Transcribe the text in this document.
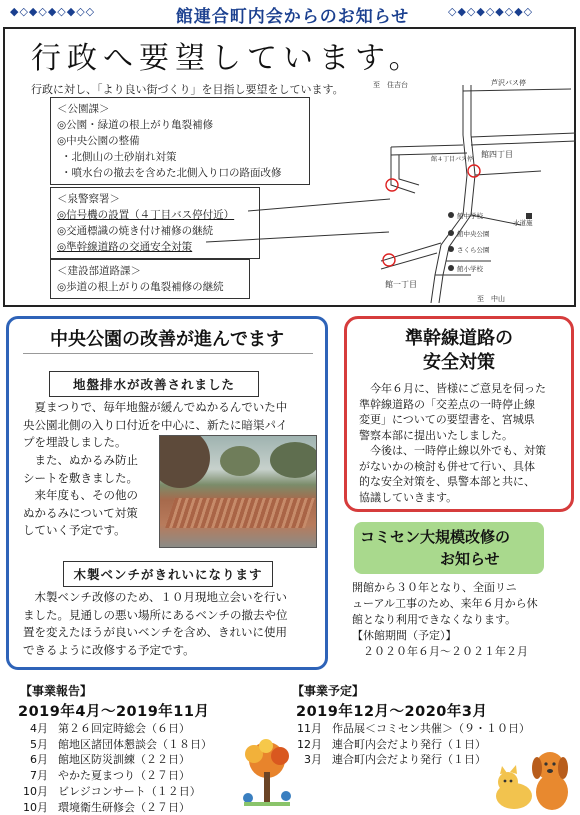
◆◇◆◇◆◇◆◇◇	館連合町内会からのお知らせ	◇◆◇◆◇◆◇◆◇
行政へ要望しています。
行政に対し、「より良い街づくり」を目指し要望をしています。
＜公園課＞
◎公園・緑道の根上がり亀裂補修
◎中央公園の整備
・北側山の土砂崩れ対策
・噴水台の撤去を含めた北側入り口の路面改修
＜泉警察署＞
◎信号機の設置（４丁目バス停付近）
◎交通標識の焼き付け補修の継続
◎準幹線道路の交通安全対策
＜建設部道路課＞
◎歩道の根上がりの亀裂補修の継続
至　住吉台	芦沢バス停
館四丁目
館４丁目バス停
館中学校
水道施
館中央公園
さくら公園
館小学校
館一丁目
至　中山
中央公園の改善が進んでます
地盤排水が改善されました
　夏まつりで、毎年地盤が緩んでぬかるんでいた中
央公園北側の入り口付近を中心に、新たに暗渠パイ
プを埋設しました。
　また、ぬかるみ防止
シートを敷きました。
　来年度も、その他の
ぬかるみについて対策
していく予定です。
木製ベンチがきれいになります
　木製ベンチ改修のため、１０月現地立会いを行い
ました。見通しの悪い場所にあるベンチの撤去や位
置を変えたほうが良いベンチを含め、きれいに使用
できるように改修する予定です。
準幹線道路の
安全対策
　今年６月に、皆様にご意見を伺った
準幹線道路の「交差点の一時停止線
変更」についての要望書を、宮城県
警察本部に提出いたしました。
　今後は、一時停止線以外でも、対策
がないかの検討も併せて行い、具体
的な安全対策を、県警本部と共に、
協議していきます。
コミセン大規模改修の
お知らせ
開館から３０年となり、全面リニ
ューアル工事のため、来年６月から休
館となり利用できなくなります。
【休館期間（予定）】
　２０２０年６月～２０２１年２月
【事業報告】
2019年4月～2019年11月
4月 第２６回定時総会（６日）
5月 館地区諸団体懇談会（１８日）
6月 館地区防災訓練（２２日）
7月 やかた夏まつり（２７日）
10月 ビレジコンサート（１２日）
10月 環境衛生研修会（２７日）
【事業予定】
2019年12月～2020年3月
11月 作品展＜コミセン共催＞（９・１０日）
12月 連合町内会だより発行（１日）
3月 連合町内会だより発行（１日）
